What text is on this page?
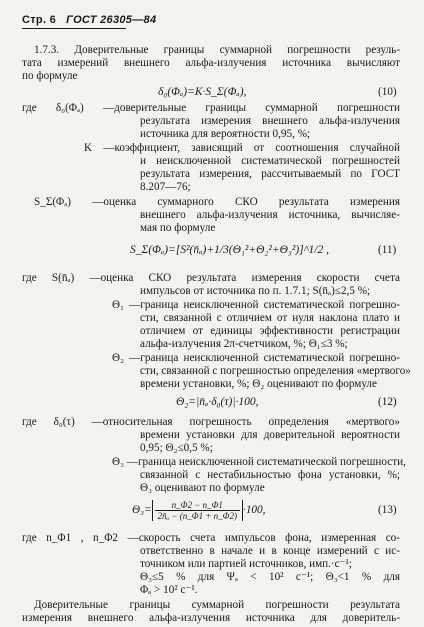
Стр. 6 ГОСТ 26305—84
1.7.3. Доверительные границы суммарной погрешности резуль-
тата измерений внешнего альфа-излучения источника вычисляют
по формуле
δ₀(Φₐ)=K·S_Σ(Φₐ),	(10)
где δ₀(Φₐ) —доверительные границы суммарной погрешности
результата измерения внешнего альфа-излучения
источника для вероятности 0,95, %;
K —коэффициент, зависящий от соотношения случайной
и неисключенной систематической погрешностей
результата измерения, рассчитываемый по ГОСТ
8.207—76;
S_Σ(Φₐ) —оценка суммарного СКО результата измерения
внешнего альфа-излучения источника, вычисляе-
мая по формуле
S_Σ(Φₐ)=[S²(n̄ₐ)+1/3(Θ₁²+Θ₂²+Θ₃²)]^1/2 ,	(11)
где S(n̄ₐ) —оценка СКО результата измерения скорости счета
импульсов от источника по п. 1.7.1; S(n̄ₐ)≤2,5 %;
Θ₁ —граница неисключенной систематической погрешно-
сти, связанной с отличием от нуля наклона плато и
отличием от единицы эффективности регистрации
альфа-излучения 2π-счетчиком, %; Θ₁≤3 %;
Θ₂ —граница неисключенной систематической погрешно-
сти, связанной с погрешностью определения «мертвого»
времени установки, %; Θ₂ оценивают по формуле
Θ₂=|n̄ₐ·δ₀(τ)|·100,	(12)
где δ₀(τ) —относительная погрешность определения «мертвого»
времени установки для доверительной вероятности
0,95; Θ₂≤0,5 %;
Θ₃ —граница неисключенной систематической погрешности,
связанной с нестабильностью фона установки, %;
Θ₃ оценивают по формуле
$\Theta_3= \frac{n\_\Phi 2 - n\_\Phi 1}{\text{2n̄ₐ − (n\_Φ1 + n\_Φ2)}} \cdot 100$,	(13)
где n_Φ1 , n_Φ2 —скорость счета импульсов фона, измеренная со-
ответственно в начале и в конце измерений с ис-
точником или партией источников, имп.·с⁻¹;
Θ₃≤5 % для Ψₐ < 10² с⁻¹; Θ₃<1 % для
Φₐ > 10² с⁻¹.
Доверительные границы суммарной погрешности результата
измерения внешнего альфа-излучения источника для доверитель-
